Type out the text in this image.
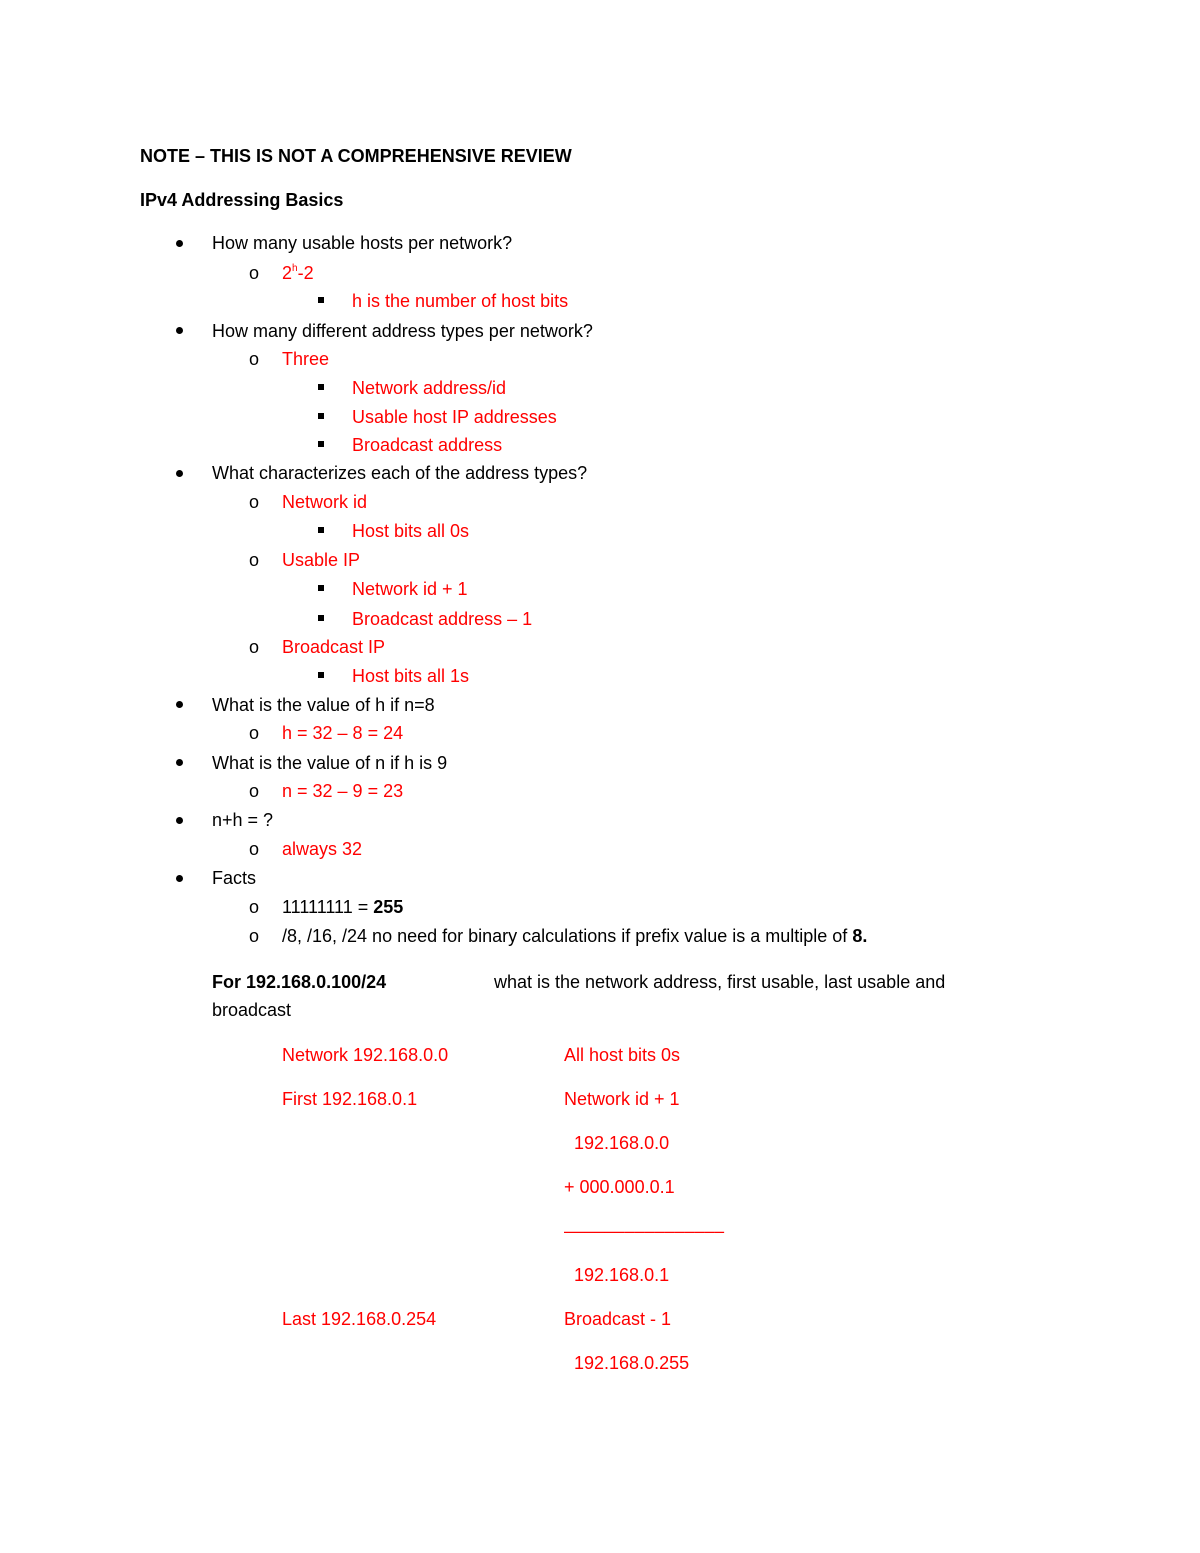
NOTE – THIS IS NOT A COMPREHENSIVE REVIEW
IPv4 Addressing Basics
How many usable hosts per network?
o 2$^h$-2
h is the number of host bits
How many different address types per network?
o Three
Network address/id
Usable host IP addresses
Broadcast address
What characterizes each of the address types?
o Network id
Host bits all 0s
o Usable IP
Network id + 1
Broadcast address – 1
o Broadcast IP
Host bits all 1s
What is the value of h if n=8
o h = 32 – 8 = 24
What is the value of n if h is 9
o n = 32 – 9 = 23
n+h = ?
o always 32
Facts
o 11111111 = 255
o /8, /16, /24 no need for binary calculations if prefix value is a multiple of 8.
For 192.168.0.100/24	what is the network address, first usable, last usable and
broadcast
Network 192.168.0.0	All host bits 0s
First 192.168.0.1	Network id + 1
192.168.0.0
+ 000.000.0.1
––––––––––––––––
192.168.0.1
Last 192.168.0.254	Broadcast - 1
192.168.0.255
